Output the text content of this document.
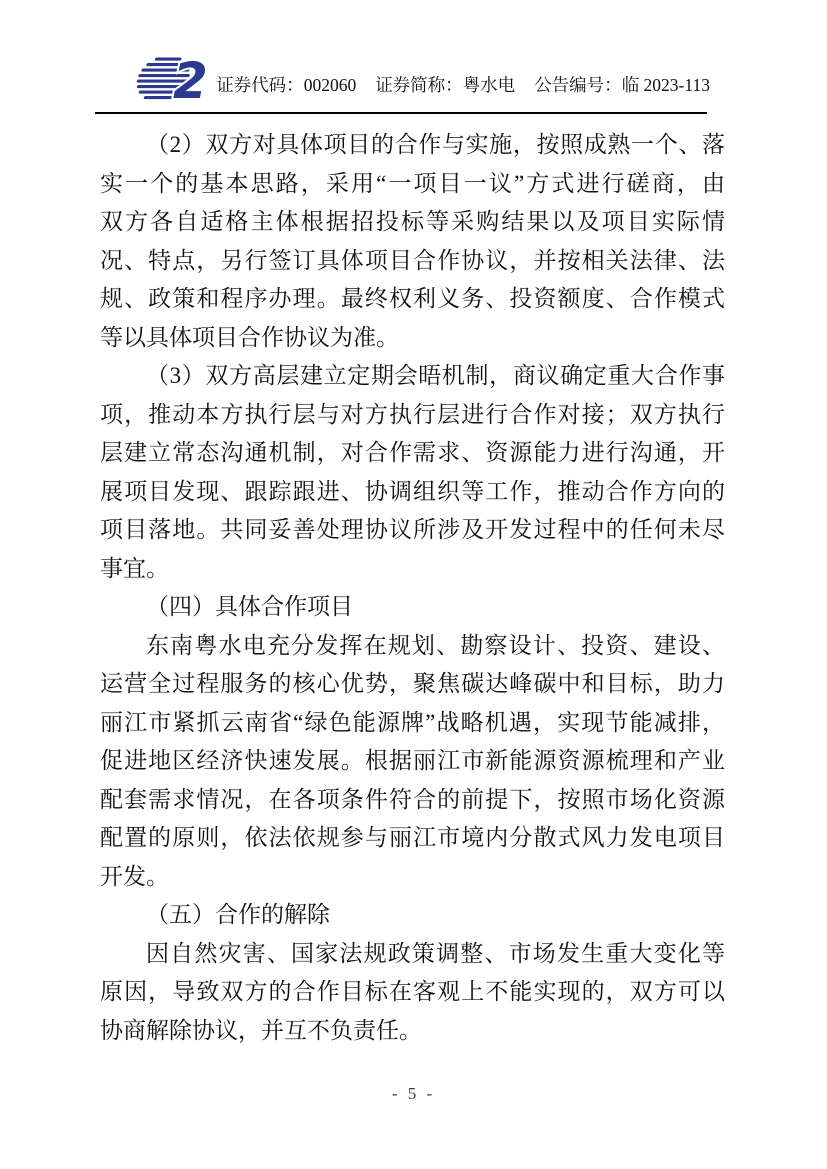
2 证券代码：002060 证券简称：粤水电 公告编号：临 2023-113
（2）双方对具体项目的合作与实施，按照成熟一个、落
实一个的基本思路，采用“一项目一议”方式进行磋商，由
双方各自适格主体根据招投标等采购结果以及项目实际情
况、特点，另行签订具体项目合作协议，并按相关法律、法
规、政策和程序办理。最终权利义务、投资额度、合作模式
等以具体项目合作协议为准。
（3）双方高层建立定期会晤机制，商议确定重大合作事
项，推动本方执行层与对方执行层进行合作对接；双方执行
层建立常态沟通机制，对合作需求、资源能力进行沟通，开
展项目发现、跟踪跟进、协调组织等工作，推动合作方向的
项目落地。共同妥善处理协议所涉及开发过程中的任何未尽
事宜。
（四）具体合作项目
东南粤水电充分发挥在规划、勘察设计、投资、建设、
运营全过程服务的核心优势，聚焦碳达峰碳中和目标，助力
丽江市紧抓云南省“绿色能源牌”战略机遇，实现节能减排，
促进地区经济快速发展。根据丽江市新能源资源梳理和产业
配套需求情况，在各项条件符合的前提下，按照市场化资源
配置的原则，依法依规参与丽江市境内分散式风力发电项目
开发。
（五）合作的解除
因自然灾害、国家法规政策调整、市场发生重大变化等
原因，导致双方的合作目标在客观上不能实现的，双方可以
协商解除协议，并互不负责任。
- 5 -
